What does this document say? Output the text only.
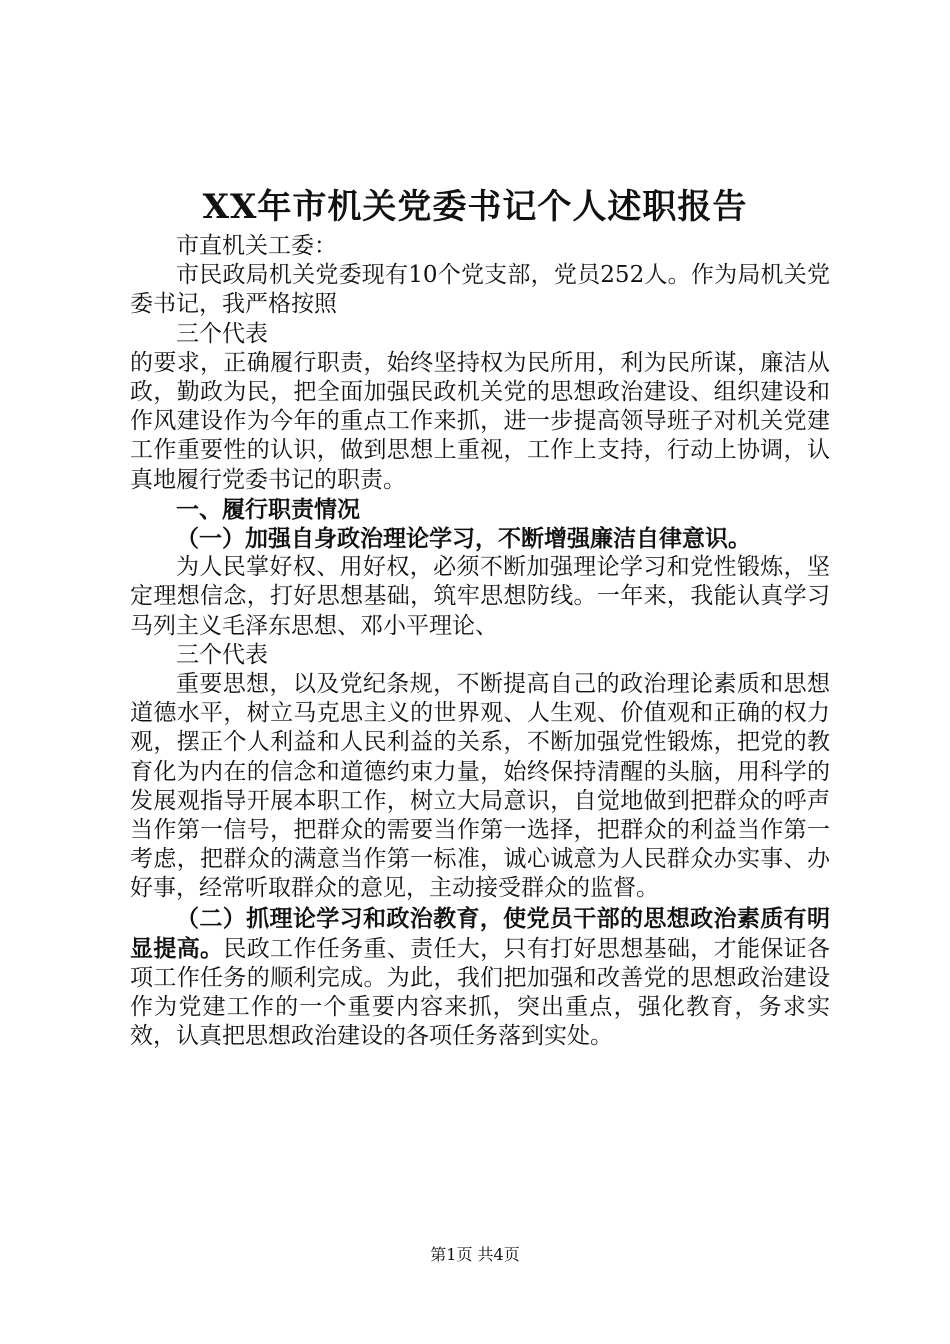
XX年市机关党委书记个人述职报告

市直机关工委：

市民政局机关党委现有10个党支部，党员252人。作为局机关党委书记，我严格按照

三个代表

的要求，正确履行职责，始终坚持权为民所用，利为民所谋，廉洁从政，勤政为民，把全面加强民政机关党的思想政治建设、组织建设和作风建设作为今年的重点工作来抓，进一步提高领导班子对机关党建工作重要性的认识，做到思想上重视，工作上支持，行动上协调，认真地履行党委书记的职责。

一、履行职责情况

（一）加强自身政治理论学习，不断增强廉洁自律意识。

为人民掌好权、用好权，必须不断加强理论学习和党性锻炼，坚定理想信念，打好思想基础，筑牢思想防线。一年来，我能认真学习马列主义毛泽东思想、邓小平理论、

三个代表

重要思想，以及党纪条规，不断提高自己的政治理论素质和思想道德水平，树立马克思主义的世界观、人生观、价值观和正确的权力观，摆正个人利益和人民利益的关系，不断加强党性锻炼，把党的教育化为内在的信念和道德约束力量，始终保持清醒的头脑，用科学的发展观指导开展本职工作，树立大局意识，自觉地做到把群众的呼声当作第一信号，把群众的需要当作第一选择，把群众的利益当作第一考虑，把群众的满意当作第一标准，诚心诚意为人民群众办实事、办好事，经常听取群众的意见，主动接受群众的监督。

（二）抓理论学习和政治教育，使党员干部的思想政治素质有明显提高。民政工作任务重、责任大，只有打好思想基础，才能保证各项工作任务的顺利完成。为此，我们把加强和改善党的思想政治建设作为党建工作的一个重要内容来抓，突出重点，强化教育，务求实效，认真把思想政治建设的各项任务落到实处。

第1页 共4页
